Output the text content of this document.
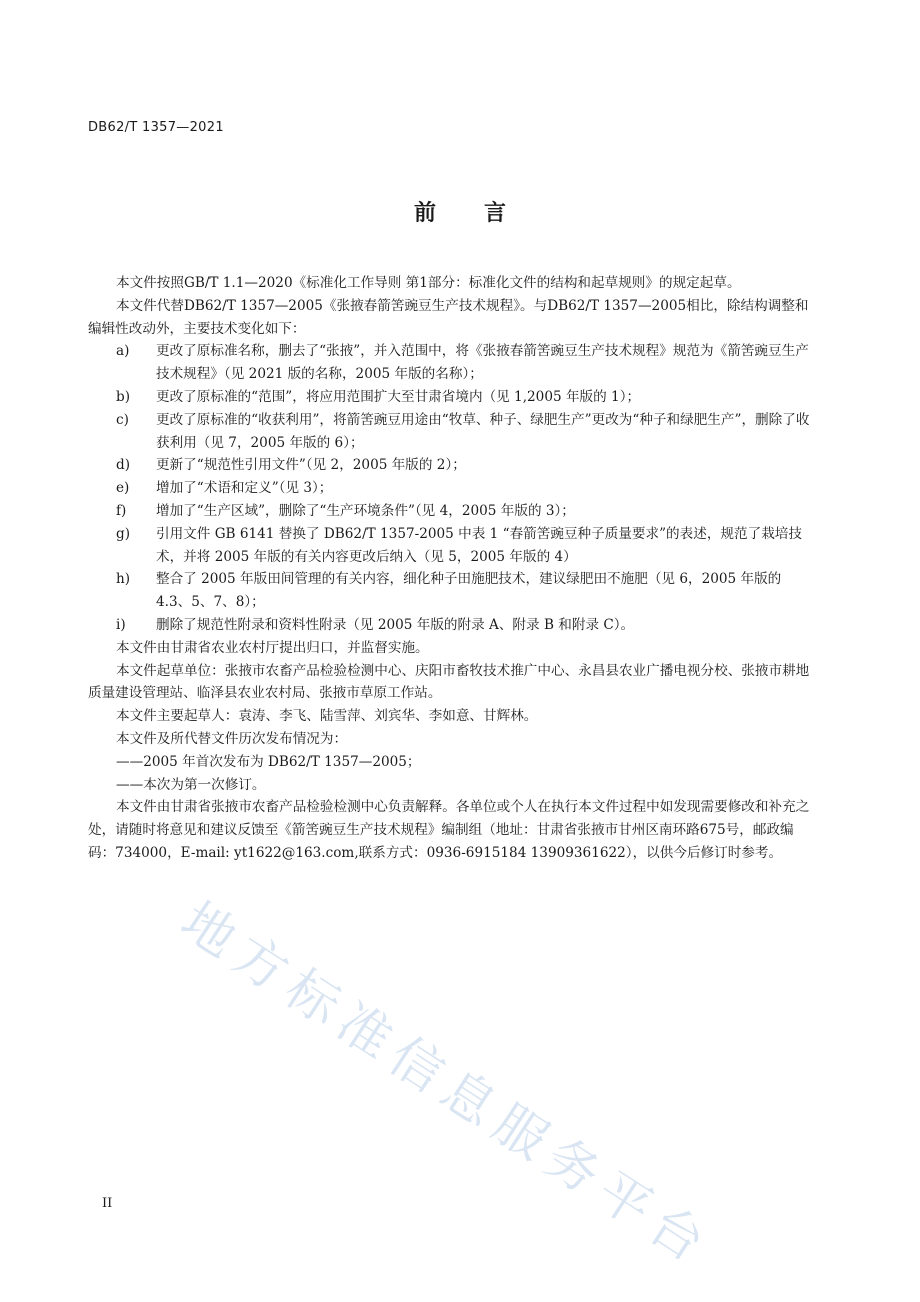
DB62/T 1357—2021
前言

本文件按照GB/T 1.1—2020《标准化工作导则 第1部分：标准化文件的结构和起草规则》的规定起草。

本文件代替DB62/T 1357—2005《张掖春箭筈豌豆生产技术规程》。与DB62/T 1357—2005相比，除结构调整和编辑性改动外，主要技术变化如下：

a)	更改了原标准名称，删去了“张掖”，并入范围中，将《张掖春箭筈豌豆生产技术规程》规范为《箭筈豌豆生产技术规程》（见 2021 版的名称，2005 年版的名称）；
b)	更改了原标准的“范围”，将应用范围扩大至甘肃省境内（见 1,2005 年版的 1）；
c)	更改了原标准的“收获利用”，将箭筈豌豆用途由“牧草、种子、绿肥生产”更改为“种子和绿肥生产”，删除了收获利用（见 7，2005 年版的 6）；
d)	更新了“规范性引用文件”（见 2，2005 年版的 2）；
e)	增加了“术语和定义”（见 3）；
f)	增加了“生产区域”，删除了“生产环境条件”（见 4，2005 年版的 3）；
g)	引用文件 GB 6141 替换了 DB62/T 1357-2005 中表 1 “春箭筈豌豆种子质量要求”的表述，规范了栽培技术，并将 2005 年版的有关内容更改后纳入（见 5，2005 年版的 4）
h)	整合了 2005 年版田间管理的有关内容，细化种子田施肥技术，建议绿肥田不施肥（见 6，2005 年版的 4.3、5、7、8）；
i)	删除了规范性附录和资料性附录（见 2005 年版的附录 A、附录 B 和附录 C）。

本文件由甘肃省农业农村厅提出归口，并监督实施。

本文件起草单位：张掖市农畜产品检验检测中心、庆阳市畜牧技术推广中心、永昌县农业广播电视分校、张掖市耕地质量建设管理站、临泽县农业农村局、张掖市草原工作站。

本文件主要起草人：袁涛、李飞、陆雪萍、刘宾华、李如意、甘辉林。

本文件及所代替文件历次发布情况为：

——2005 年首次发布为 DB62/T 1357—2005；

——本次为第一次修订。

本文件由甘肃省张掖市农畜产品检验检测中心负责解释。各单位或个人在执行本文件过程中如发现需要修改和补充之处，请随时将意见和建议反馈至《箭筈豌豆生产技术规程》编制组（地址：甘肃省张掖市甘州区南环路675号，邮政编码：734000，E-mail: yt1622@163.com,联系方式：0936-6915184 13909361622），以供今后修订时参考。

地方标准信息服务平台
II
